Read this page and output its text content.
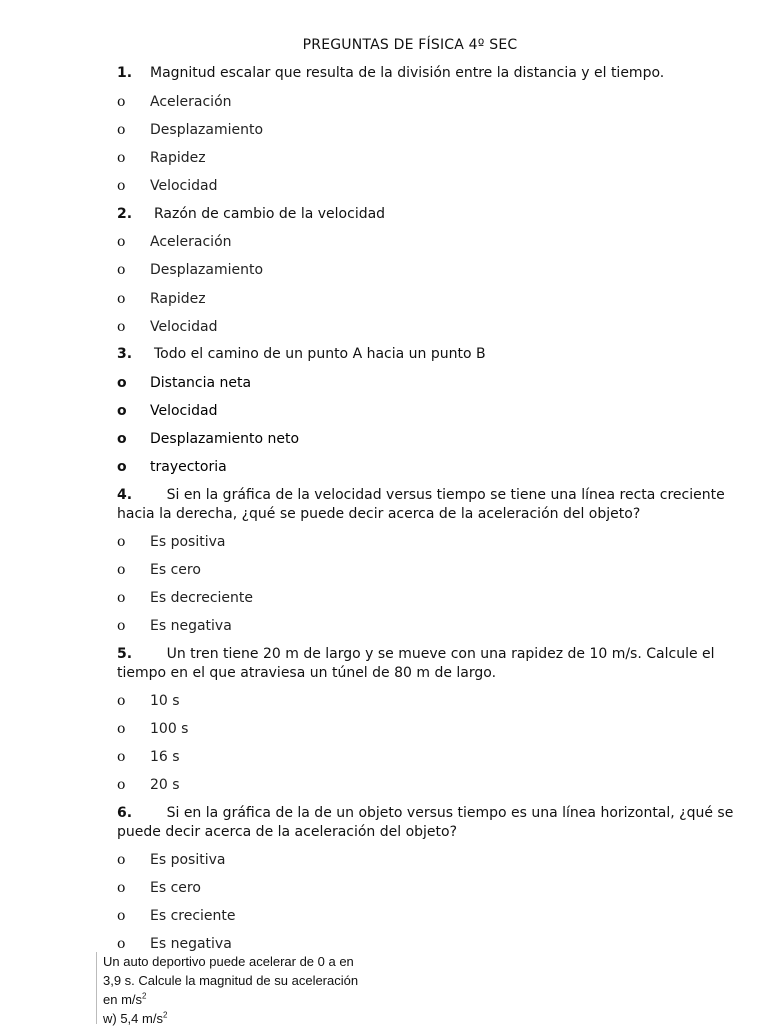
PREGUNTAS DE FÍSICA 4º SEC
1. Magnitud escalar que resulta de la división entre la distancia y el tiempo.
o	Aceleración
o	Desplazamiento
o	Rapidez
o	Velocidad
2. Razón de cambio de la velocidad
o	Aceleración
o	Desplazamiento
o	Rapidez
o	Velocidad
3. Todo el camino de un punto A hacia un punto B
o	Distancia neta
o	Velocidad
o	Desplazamiento neto
o	trayectoria
4. Si en la gráfica de la velocidad versus tiempo se tiene una línea recta creciente hacia la derecha, ¿qué se puede decir acerca de la aceleración del objeto?
o	Es positiva
o	Es cero
o	Es decreciente
o	Es negativa
5. Un tren tiene 20 m de largo y se mueve con una rapidez de 10 m/s. Calcule el tiempo en el que atraviesa un túnel de 80 m de largo.
o	10 s
o	100 s
o	16 s
o	20 s
6. Si en la gráfica de la de un objeto versus tiempo es una línea horizontal, ¿qué se puede decir acerca de la aceleración del objeto?
o	Es positiva
o	Es cero
o	Es creciente
o	Es negativa

Un auto deportivo puede acelerar de 0 a en

3,9 s. Calcule la magnitud de su aceleración

en $m/s^2$

w) 5,4 $m/s^2$
